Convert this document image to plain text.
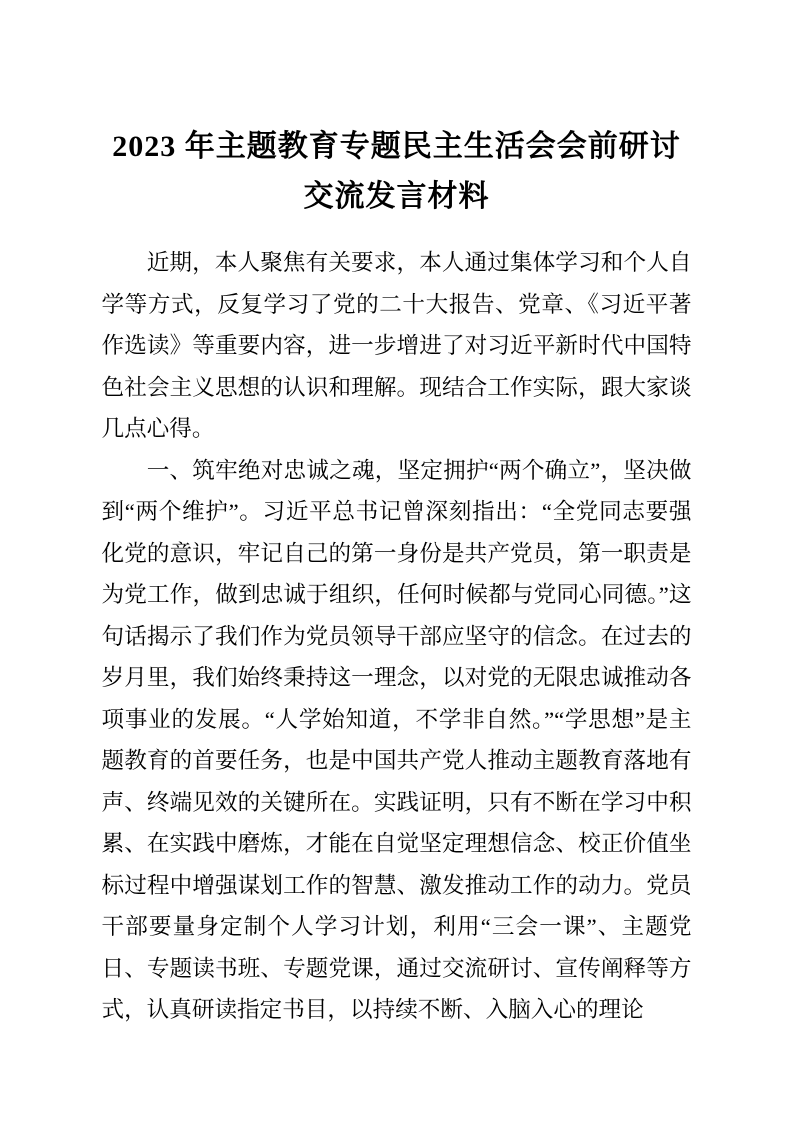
2023 年主题教育专题民主生活会会前研讨
交流发言材料

近期，本人聚焦有关要求，本人通过集体学习和个人自学等方式，反复学习了党的二十大报告、党章、《习近平著作选读》等重要内容，进一步增进了对习近平新时代中国特色社会主义思想的认识和理解。现结合工作实际，跟大家谈几点心得。

一、筑牢绝对忠诚之魂，坚定拥护“两个确立”，坚决做到“两个维护”。习近平总书记曾深刻指出：“全党同志要强化党的意识，牢记自己的第一身份是共产党员，第一职责是为党工作，做到忠诚于组织，任何时候都与党同心同德。”这句话揭示了我们作为党员领导干部应坚守的信念。在过去的岁月里，我们始终秉持这一理念，以对党的无限忠诚推动各项事业的发展。“人学始知道，不学非自然。”“学思想”是主题教育的首要任务，也是中国共产党人推动主题教育落地有声、终端见效的关键所在。实践证明，只有不断在学习中积累、在实践中磨炼，才能在自觉坚定理想信念、校正价值坐标过程中增强谋划工作的智慧、激发推动工作的动力。党员干部要量身定制个人学习计划，利用“三会一课”、主题党日、专题读书班、专题党课，通过交流研讨、宣传阐释等方式，认真研读指定书目，以持续不断、入脑入心的理论
